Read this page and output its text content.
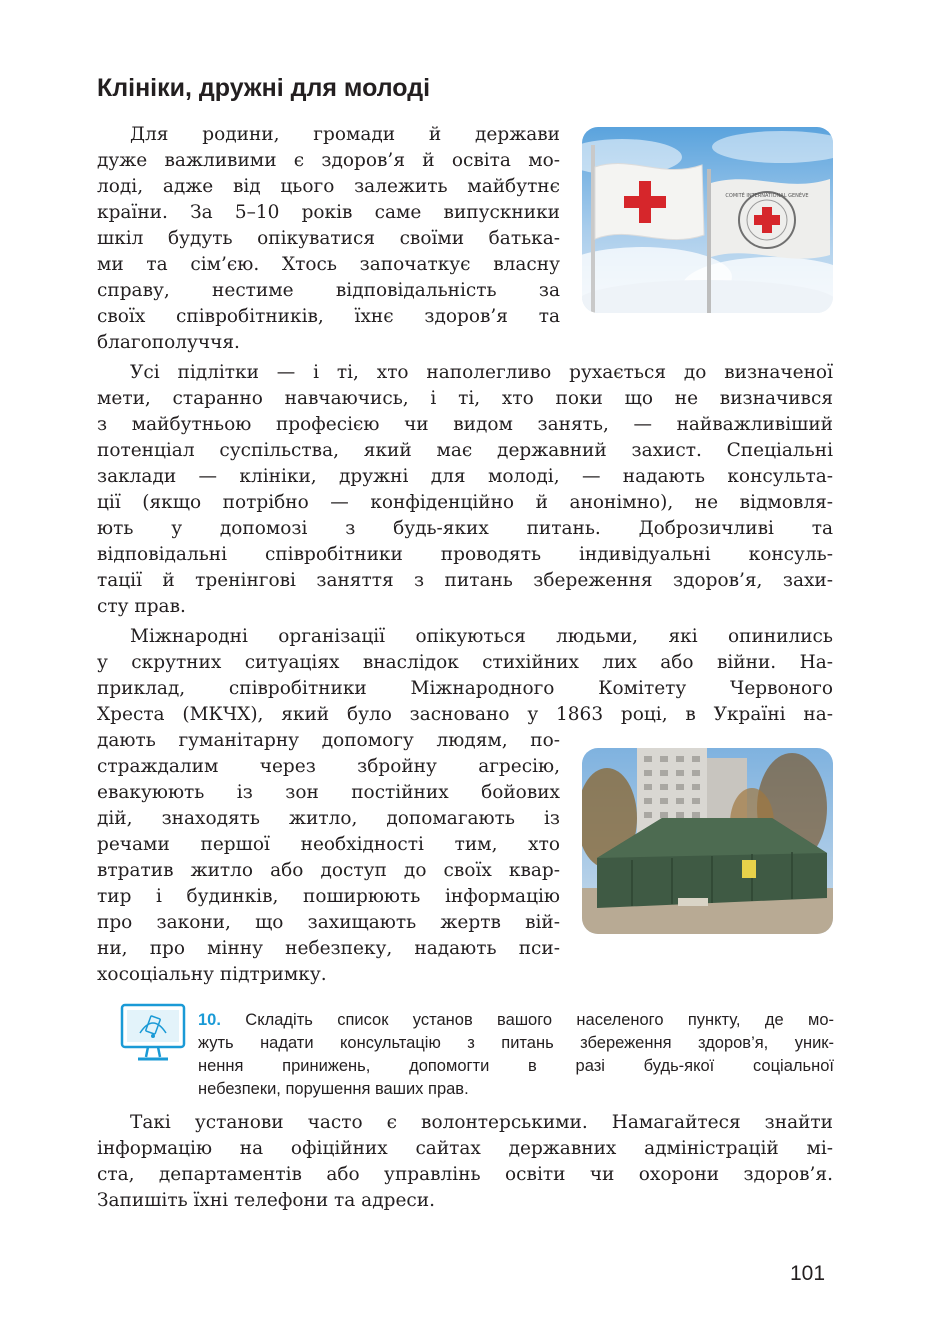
Клініки, дружні для молоді
Для родини, громади й держави
дуже важливими є здоров’я й освіта мо-
лоді, адже від цього залежить майбутнє
країни. За 5–10 років саме випускники
шкіл будуть опікуватися своїми батька-
ми та сім’єю. Хтось започаткує власну
справу, нестиме відповідальність за
своїх співробітників, їхнє здоров’я та
благополуччя.
COMITÉ INTERNATIONAL GENÈVE
Усі підлітки — і ті, хто наполегливо рухається до визначеної
мети, старанно навчаючись, і ті, хто поки що не визначився
з майбутньою професією чи видом занять, — найважливіший
потенціал суспільства, який має державний захист. Спеціальні
заклади — клініки, дружні для молоді, — надають консульта-
ції (якщо потрібно — конфіденційно й анонімно), не відмовля-
ють у допомозі з будь-яких питань. Доброзичливі та
відповідальні співробітники проводять індивідуальні консуль-
тації й тренінгові заняття з питань збереження здоров’я, захи-
сту прав.
Міжнародні організації опікуються людьми, які опинились
у скрутних ситуаціях внаслідок стихійних лих або війни. На-
приклад, співробітники Міжнародного Комітету Червоного
Хреста (МКЧХ), який було засновано у 1863 році, в Україні на-
дають гуманітарну допомогу людям, по-
страждалим через збройну агресію,
евакуюють із зон постійних бойових
дій, знаходять житло, допомагають із
речами першої необхідності тим, хто
втратив житло або доступ до своїх квар-
тир і будинків, поширюють інформацію
про закони, що захищають жертв вій-
ни, про мінну небезпеку, надають пси-
хосоціальну підтримку.
10. Складіть список установ вашого населеного пункту, де мо-
жуть надати консультацію з питань збереження здоров’я, уник-
нення принижень, допомогти в разі будь-якої соціальної
небезпеки, порушення ваших прав.
Такі установи часто є волонтерськими. Намагайтеся знайти
інформацію на офіційних сайтах державних адміністрацій мі-
ста, департаментів або управлінь освіти чи охорони здоров’я.
Запишіть їхні телефони та адреси.
101
